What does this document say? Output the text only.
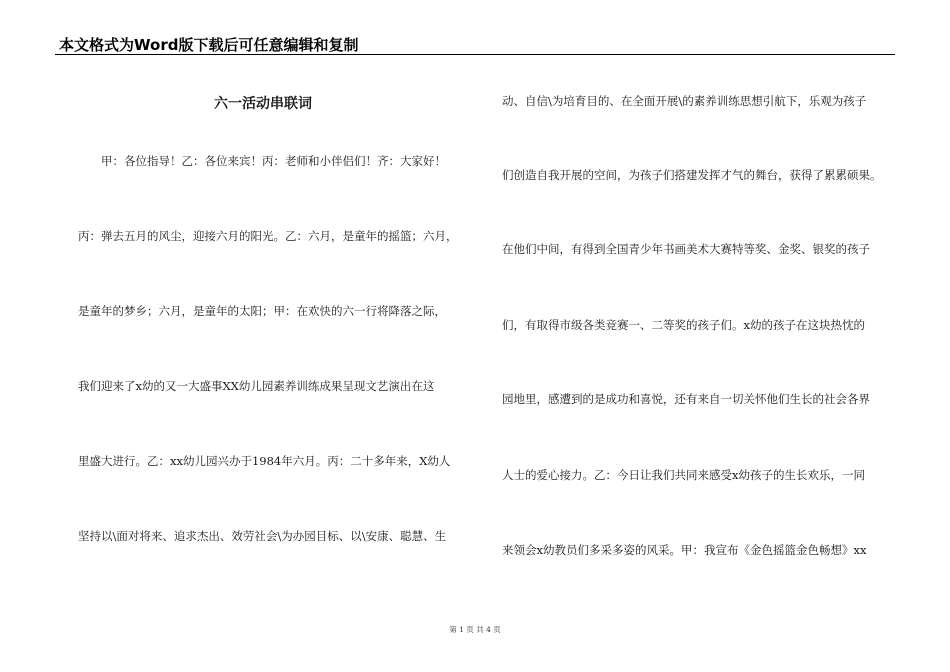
本文格式为Word版下载后可任意编辑和复制
六一活动串联词
　　甲：各位指导！乙：各位来宾！丙：老师和小伴侣们！齐：大家好！
丙：弹去五月的风尘，迎接六月的阳光。乙：六月，是童年的摇篮；六月，
是童年的梦乡；六月，是童年的太阳；甲：在欢快的六一行将降落之际，
我们迎来了x幼的又一大盛事XX幼儿园素养训练成果呈现文艺演出在这
里盛大进行。乙：xx幼儿园兴办于1984年六月。丙：二十多年来，X幼人
坚持以\面对将来、追求杰出、效劳社会\为办园目标、以\安康、聪慧、生
动、自信\为培育目的、在全面开展\的素养训练思想引航下，乐观为孩子
们创造自我开展的空间，为孩子们搭建发挥才气的舞台，获得了累累硕果。
在他们中间，有得到全国青少年书画美术大赛特等奖、金奖、银奖的孩子
们，有取得市级各类竞赛一、二等奖的孩子们。x幼的孩子在这块热忱的
园地里，感遭到的是成功和喜悦，还有来自一切关怀他们生长的社会各界
人士的爱心接力。乙：今日让我们共同来感受x幼孩子的生长欢乐，一同
来领会x幼教员们多采多姿的风采。甲：我宣布《金色摇篮金色畅想》xx
第 1 页 共 4 页
